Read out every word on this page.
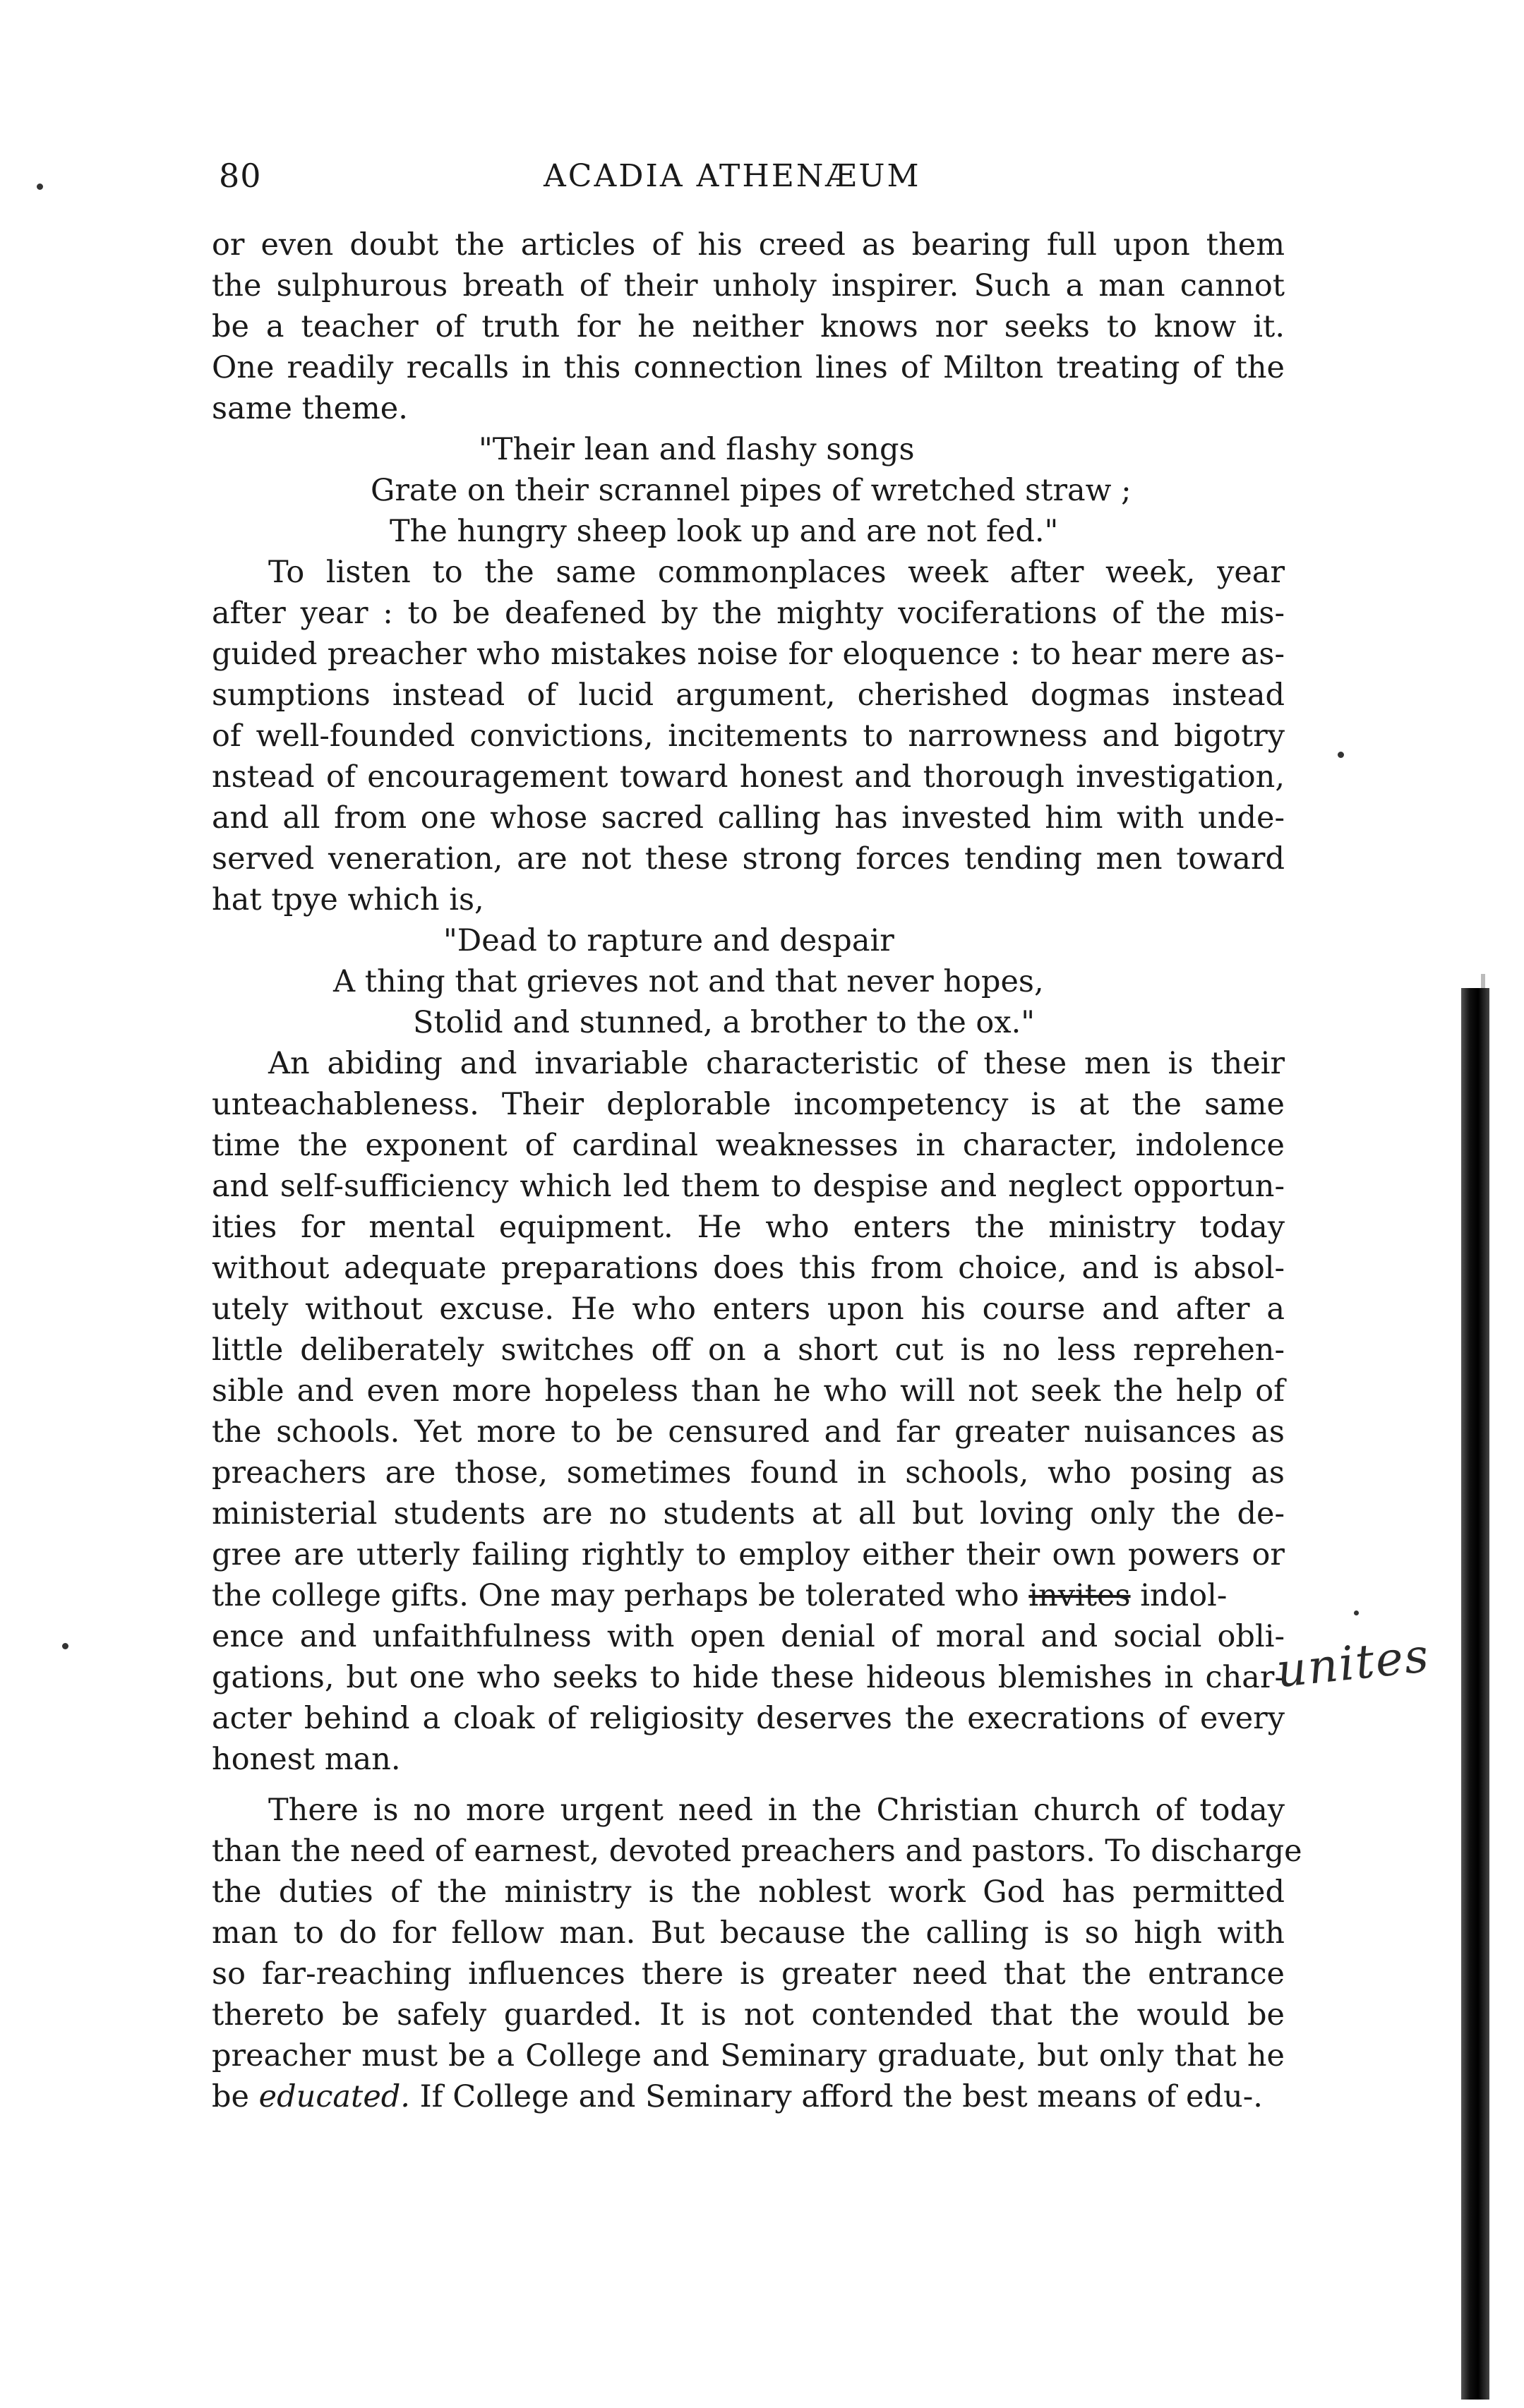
80	ACADIA ATHENÆUM
or even doubt the articles of his creed as bearing full upon them
the sulphurous breath of their unholy inspirer. Such a man cannot
be a teacher of truth for he neither knows nor seeks to know it.
One readily recalls in this connection lines of Milton treating of the
same theme.
"Their lean and flashy songs
Grate on their scrannel pipes of wretched straw ;
The hungry sheep look up and are not fed."
To listen to the same commonplaces week after week, year
after year : to be deafened by the mighty vociferations of the mis-
guided preacher who mistakes noise for eloquence : to hear mere as-
sumptions instead of lucid argument, cherished dogmas instead
of well-founded convictions, incitements to narrowness and bigotry
nstead of encouragement toward honest and thorough investigation,
and all from one whose sacred calling has invested him with unde-
served veneration, are not these strong forces tending men toward
hat tpye which is,
"Dead to rapture and despair
A thing that grieves not and that never hopes,
Stolid and stunned, a brother to the ox."
An abiding and invariable characteristic of these men is their
unteachableness. Their deplorable incompetency is at the same
time the exponent of cardinal weaknesses in character, indolence
and self-sufficiency which led them to despise and neglect opportun-
ities for mental equipment. He who enters the ministry today
without adequate preparations does this from choice, and is absol-
utely without excuse. He who enters upon his course and after a
little deliberately switches off on a short cut is no less reprehen-
sible and even more hopeless than he who will not seek the help of
the schools. Yet more to be censured and far greater nuisances as
preachers are those, sometimes found in schools, who posing as
ministerial students are no students at all but loving only the de-
gree are utterly failing rightly to employ either their own powers or
the college gifts. One may perhaps be tolerated who invites indol-
ence and unfaithfulness with open denial of moral and social obli-
gations, but one who seeks to hide these hideous blemishes in char-
acter behind a cloak of religiosity deserves the execrations of every
honest man.
There is no more urgent need in the Christian church of today
than the need of earnest, devoted preachers and pastors. To discharge
the duties of the ministry is the noblest work God has permitted
man to do for fellow man. But because the calling is so high with
so far-reaching influences there is greater need that the entrance
thereto be safely guarded. It is not contended that the would be
preacher must be a College and Seminary graduate, but only that he
be educated. If College and Seminary afford the best means of edu-.
unites
